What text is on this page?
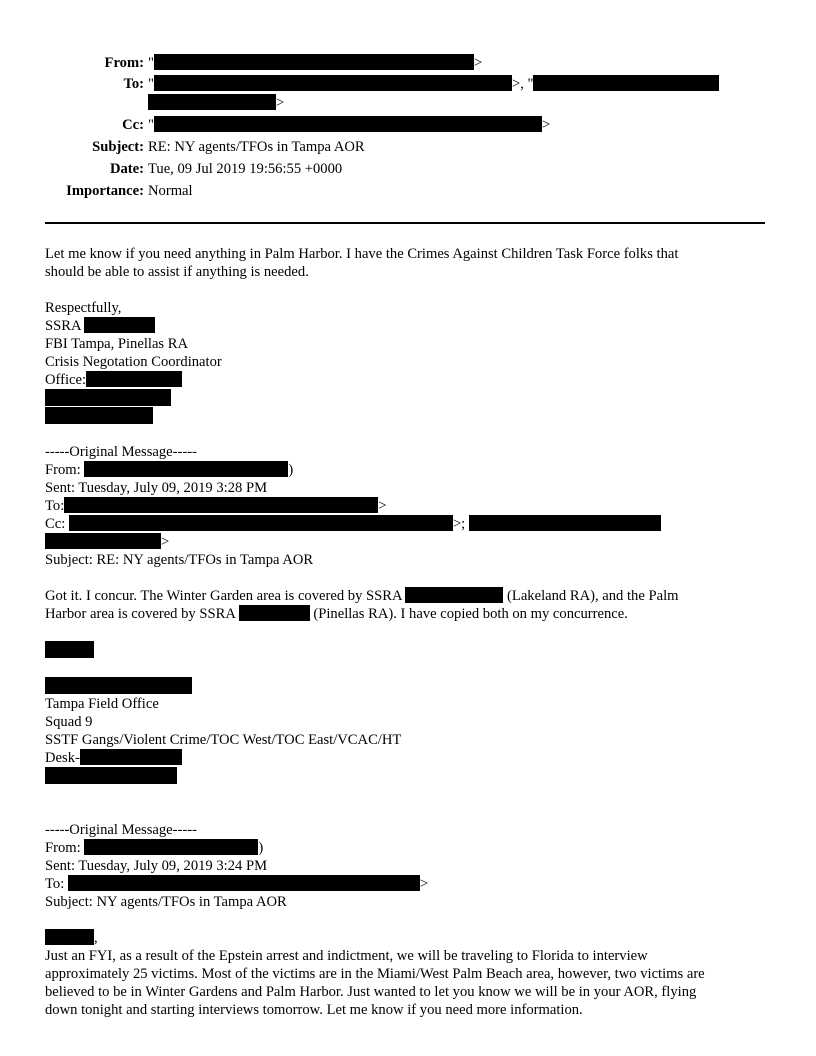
From: "	>
To: "	>, "
>
Cc: "	>
Subject: RE: NY agents/TFOs in Tampa AOR
Date: Tue, 09 Jul 2019 19:56:55 +0000
Importance: Normal
Let me know if you need anything in Palm Harbor. I have the Crimes Against Children Task Force folks that
should be able to assist if anything is needed.
Respectfully,
SSRA
FBI Tampa, Pinellas RA
Crisis Negotation Coordinator
Office:
-----Original Message-----
From:	)
Sent: Tuesday, July 09, 2019 3:28 PM
To:	>
Cc:	>;
>
Subject: RE: NY agents/TFOs in Tampa AOR
Got it. I concur. The Winter Garden area is covered by SSRA	(Lakeland RA), and the Palm
Harbor area is covered by SSRA	(Pinellas RA). I have copied both on my concurrence.
Tampa Field Office
Squad 9
SSTF Gangs/Violent Crime/TOC West/TOC East/VCAC/HT
Desk-
-----Original Message-----
From:	)
Sent: Tuesday, July 09, 2019 3:24 PM
To:	>
Subject: NY agents/TFOs in Tampa AOR
,
Just an FYI, as a result of the Epstein arrest and indictment, we will be traveling to Florida to interview
approximately 25 victims. Most of the victims are in the Miami/West Palm Beach area, however, two victims are
believed to be in Winter Gardens and Palm Harbor. Just wanted to let you know we will be in your AOR, flying
down tonight and starting interviews tomorrow. Let me know if you need more information.
